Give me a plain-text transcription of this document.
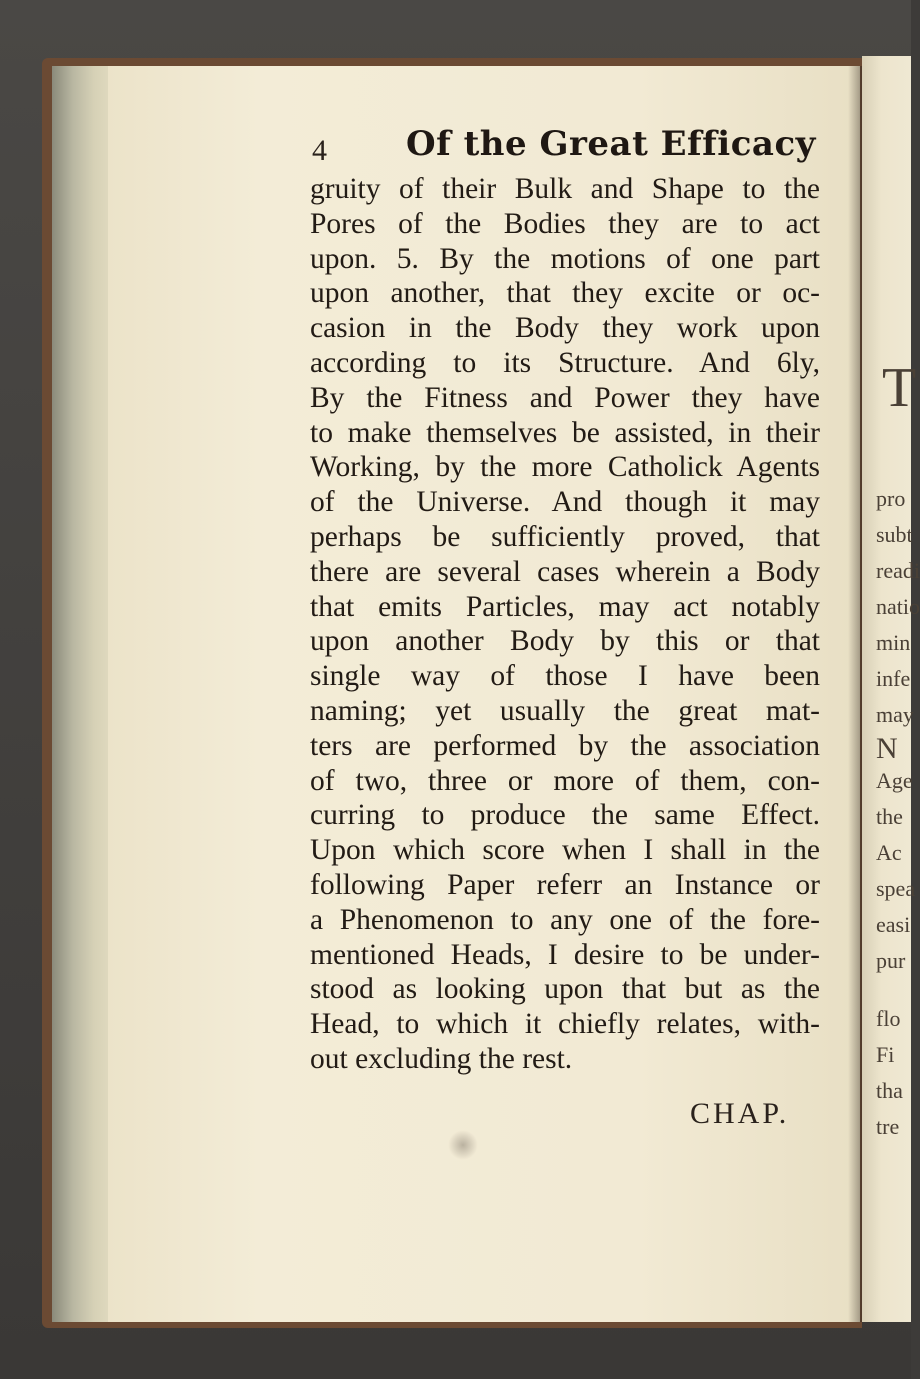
T
pro
subt
readi
natio
min
infe
may
N
Age
the
Ac
spea
easi
pur
flo
Fi
tha
tre
4 Of the Great Efficacy
gruity of their Bulk and Shape to the
Pores of the Bodies they are to act
upon. 5. By the motions of one part
upon another, that they excite or oc-
casion in the Body they work upon
according to its Structure. And 6ly,
By the Fitness and Power they have
to make themselves be assisted, in their
Working, by the more Catholick Agents
of the Universe. And though it may
perhaps be sufficiently proved, that
there are several cases wherein a Body
that emits Particles, may act notably
upon another Body by this or that
single way of those I have been
naming; yet usually the great mat-
ters are performed by the association
of two, three or more of them, con-
curring to produce the same Effect.
Upon which score when I shall in the
following Paper referr an Instance or
a Phenomenon to any one of the fore-
mentioned Heads, I desire to be under-
stood as looking upon that but as the
Head, to which it chiefly relates, with-
out excluding the rest.
CHAP.
